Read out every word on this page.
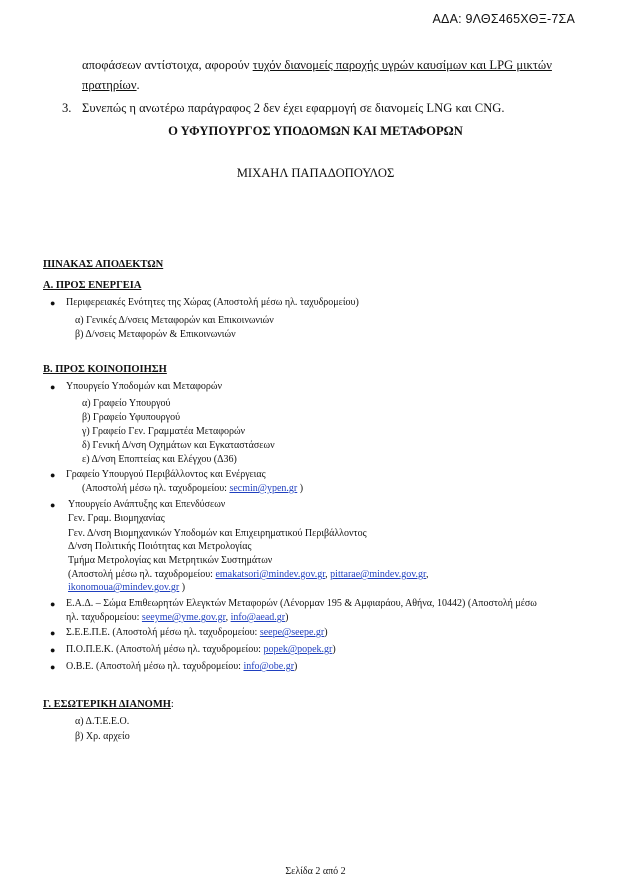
ΑΔΑ: 9ΛΘΣ465ΧΘΞ-7ΣΑ
αποφάσεων αντίστοιχα, αφορούν τυχόν διανομείς παροχής υγρών καυσίμων και LPG μικτών
πρατηρίων.
3. Συνεπώς η ανωτέρω παράγραφος 2 δεν έχει εφαρμογή σε διανομείς LNG και CNG.
Ο ΥΦΥΠΟΥΡΓΟΣ ΥΠΟΔΟΜΩΝ ΚΑΙ ΜΕΤΑΦΟΡΩΝ
ΜΙΧΑΗΛ ΠΑΠΑΔΟΠΟΥΛΟΣ
ΠΙΝΑΚΑΣ ΑΠΟΔΕΚΤΩΝ
Α. ΠΡΟΣ ΕΝΕΡΓΕΙΑ
● Περιφερειακές Ενότητες της Χώρας (Αποστολή μέσω ηλ. ταχυδρομείου)
α) Γενικές Δ/νσεις Μεταφορών και Επικοινωνιών
β) Δ/νσεις Μεταφορών & Επικοινωνιών
Β. ΠΡΟΣ ΚΟΙΝΟΠΟΙΗΣΗ
● Υπουργείο Υποδομών και Μεταφορών
α) Γραφείο Υπουργού
β) Γραφείο Υφυπουργού
γ) Γραφείο Γεν. Γραμματέα Μεταφορών
δ) Γενική Δ/νση Οχημάτων και Εγκαταστάσεων
ε) Δ/νση Εποπτείας και Ελέγχου (Δ36)
● Γραφείο Υπουργού Περιβάλλοντος και Ενέργειας
(Αποστολή μέσω ηλ. ταχυδρομείου: secmin@ypen.gr )
● Υπουργείο Ανάπτυξης και Επενδύσεων
Γεν. Γραμ. Βιομηχανίας
Γεν. Δ/νση Βιομηχανικών Υποδομών και Επιχειρηματικού Περιβάλλοντος
Δ/νση Πολιτικής Ποιότητας και Μετρολογίας
Τμήμα Μετρολογίας και Μετρητικών Συστημάτων
(Αποστολή μέσω ηλ. ταχυδρομείου: emakatsori@mindev.gov.gr, pittarae@mindev.gov.gr,
ikonomoua@mindev.gov.gr )
● Ε.Α.Δ. – Σώμα Επιθεωρητών Ελεγκτών Μεταφορών (Λένορμαν 195 & Αμφιαράου, Αθήνα, 10442) (Αποστολή μέσω
ηλ. ταχυδρομείου: seeyme@yme.gov.gr, info@aead.gr)
● Σ.Ε.Ε.Π.Ε. (Αποστολή μέσω ηλ. ταχυδρομείου: seepe@seepe.gr)
● Π.Ο.Π.Ε.Κ. (Αποστολή μέσω ηλ. ταχυδρομείου: popek@popek.gr)
● Ο.Β.Ε. (Αποστολή μέσω ηλ. ταχυδρομείου: info@obe.gr)
Γ. ΕΣΩΤΕΡΙΚΗ ΔΙΑΝΟΜΗ:
α) Δ.Τ.Ε.Ε.Ο.
β) Χρ. αρχείο
Σελίδα 2 από 2
